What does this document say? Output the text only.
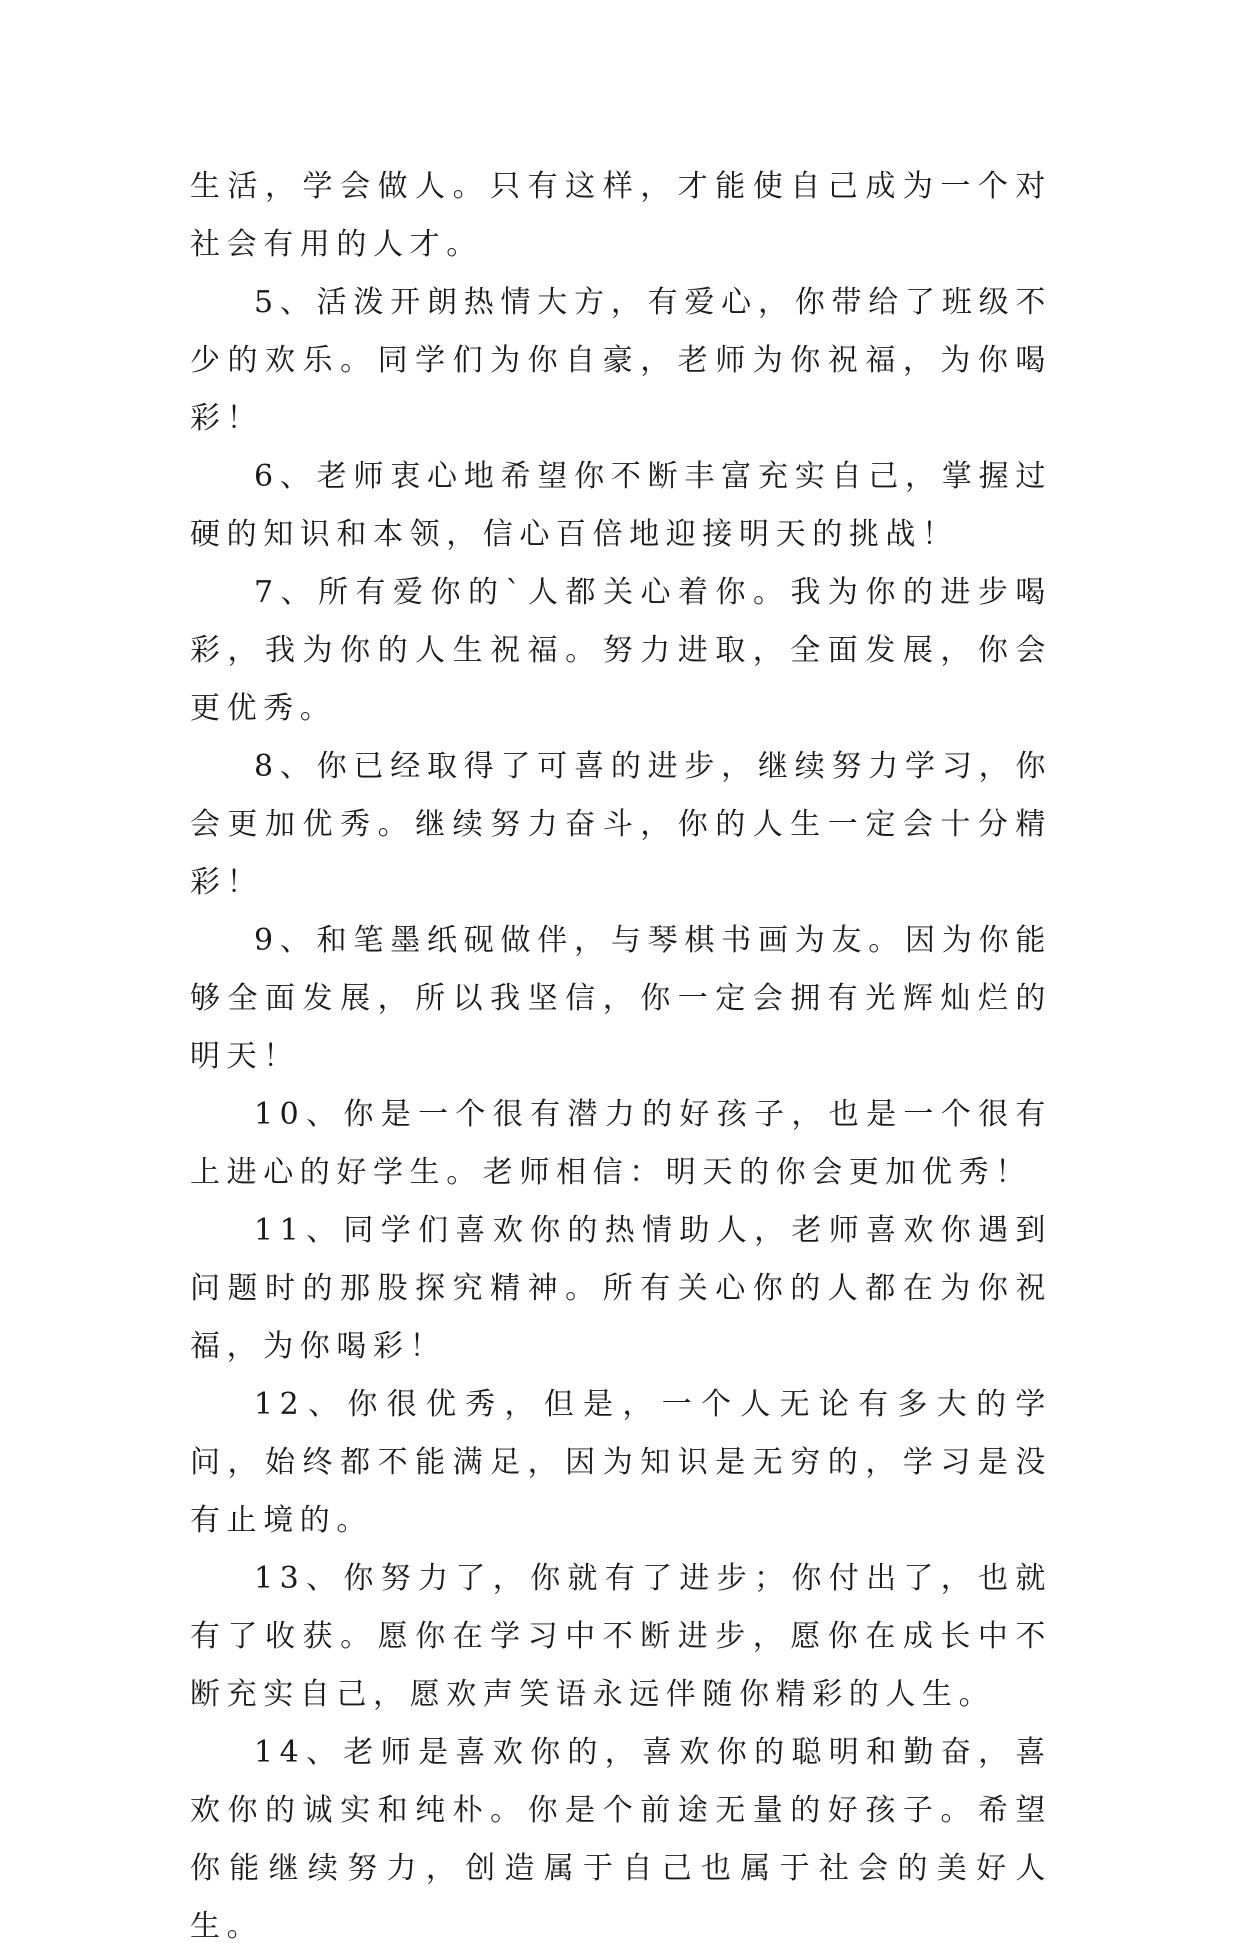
生活，学会做人。只有这样，才能使自己成为一个对社会有用的人才。

5、活泼开朗热情大方，有爱心，你带给了班级不少的欢乐。同学们为你自豪，老师为你祝福，为你喝彩！

6、老师衷心地希望你不断丰富充实自己，掌握过硬的知识和本领，信心百倍地迎接明天的挑战！

7、所有爱你的`人都关心着你。我为你的进步喝彩，我为你的人生祝福。努力进取，全面发展，你会更优秀。

8、你已经取得了可喜的进步，继续努力学习，你会更加优秀。继续努力奋斗，你的人生一定会十分精彩！

9、和笔墨纸砚做伴，与琴棋书画为友。因为你能够全面发展，所以我坚信，你一定会拥有光辉灿烂的明天！

10、你是一个很有潜力的好孩子，也是一个很有上进心的好学生。老师相信：明天的你会更加优秀！

11、同学们喜欢你的热情助人，老师喜欢你遇到问题时的那股探究精神。所有关心你的人都在为你祝福，为你喝彩！

12、你很优秀，但是，一个人无论有多大的学问，始终都不能满足，因为知识是无穷的，学习是没有止境的。

13、你努力了，你就有了进步；你付出了，也就有了收获。愿你在学习中不断进步，愿你在成长中不断充实自己，愿欢声笑语永远伴随你精彩的人生。

14、老师是喜欢你的，喜欢你的聪明和勤奋，喜欢你的诚实和纯朴。你是个前途无量的好孩子。希望你能继续努力，创造属于自己也属于社会的美好人生。
